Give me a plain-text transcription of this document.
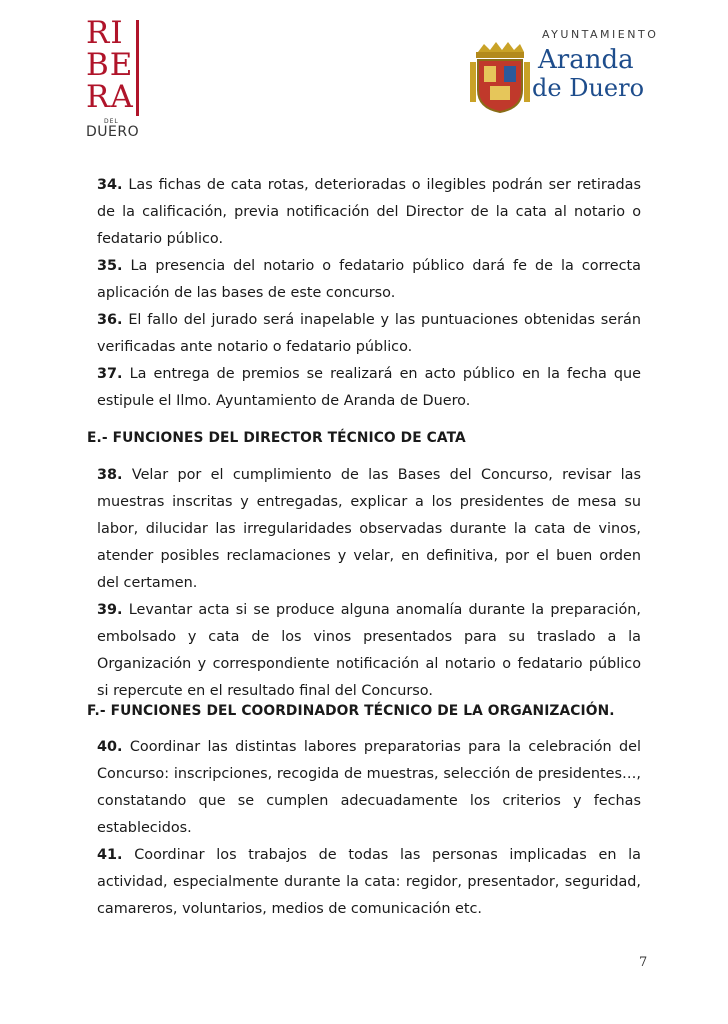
RI
BE
RA
DEL
DUERO
AYUNTAMIENTO
Aranda
de Duero

34. Las fichas de cata rotas, deterioradas o ilegibles podrán ser retiradas de la calificación, previa notificación del Director de la cata al notario o fedatario público.

35. La presencia del notario o fedatario público dará fe de la correcta aplicación de las bases de este concurso.

36. El fallo del jurado será inapelable y las puntuaciones obtenidas serán verificadas ante notario o fedatario público.

37. La entrega de premios se realizará en acto público en la fecha que estipule el Ilmo. Ayuntamiento de Aranda de Duero.

E.- FUNCIONES DEL DIRECTOR TÉCNICO DE CATA

38. Velar por el cumplimiento de las Bases del Concurso, revisar las muestras inscritas y entregadas, explicar a los presidentes de mesa su labor, dilucidar las irregularidades observadas durante la cata de vinos, atender posibles reclamaciones y velar, en definitiva, por el buen orden del certamen.

39. Levantar acta si se produce alguna anomalía durante la preparación, embolsado y cata de los vinos presentados para su traslado a la Organización y correspondiente notificación al notario o fedatario público si repercute en el resultado final del Concurso.

F.- FUNCIONES DEL COORDINADOR TÉCNICO DE LA ORGANIZACIÓN.

40. Coordinar las distintas labores preparatorias para la celebración del Concurso: inscripciones, recogida de muestras, selección de presidentes…, constatando que se cumplen adecuadamente los criterios y fechas establecidos.

41. Coordinar los trabajos de todas las personas implicadas en la actividad, especialmente durante la cata: regidor, presentador, seguridad, camareros, voluntarios, medios de comunicación etc.

7
